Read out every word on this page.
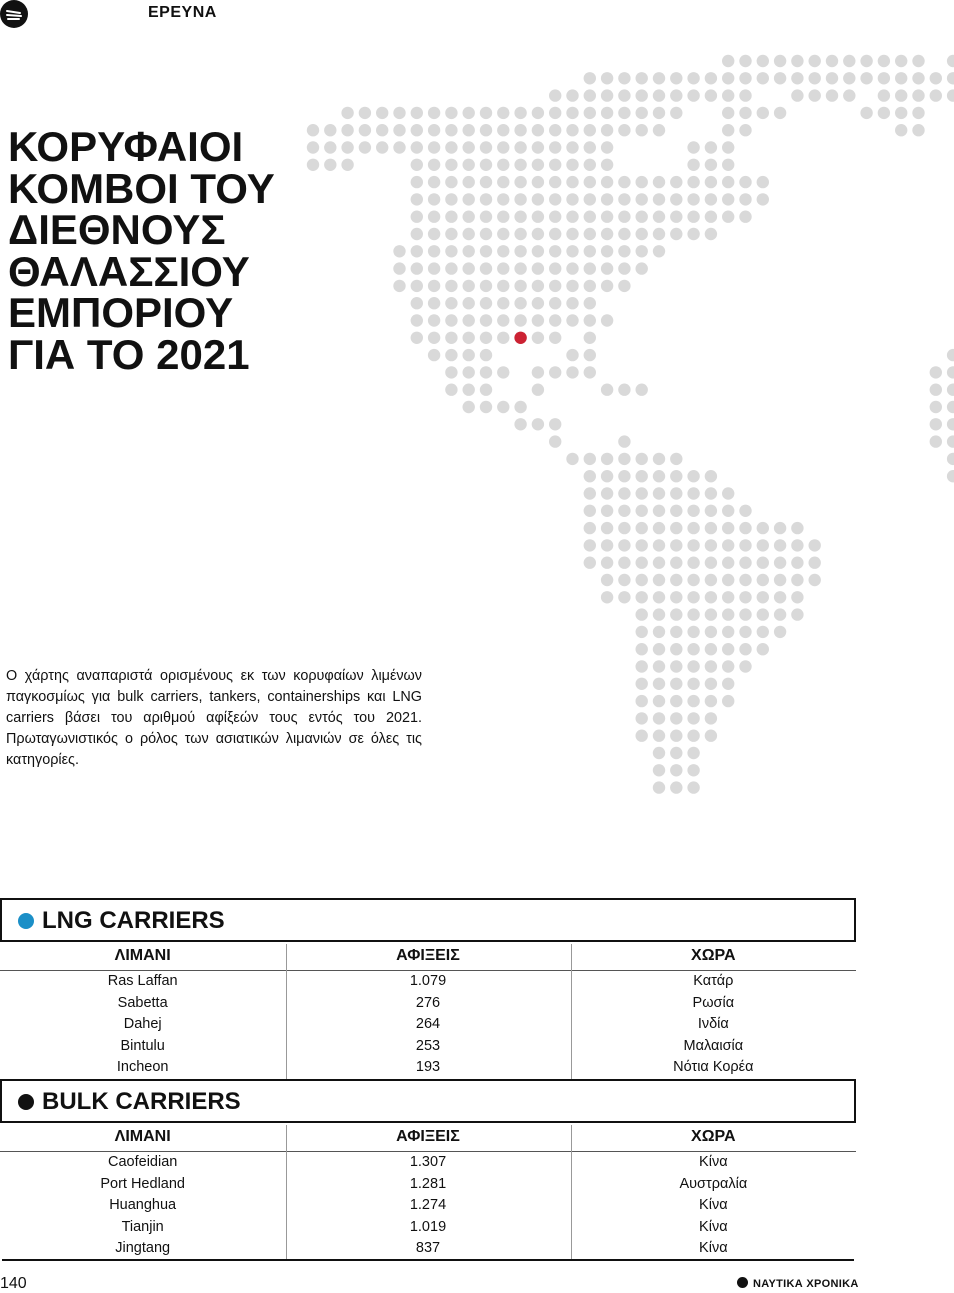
ΕΡΕΥΝΑ
ΚΟΡΥΦΑΙΟΙ
ΚΟΜΒΟΙ ΤΟΥ
ΔΙΕΘΝΟΥΣ
ΘΑΛΑΣΣΙΟΥ
ΕΜΠΟΡΙΟΥ
ΓΙΑ ΤΟ 2021
Ο χάρτης αναπαριστά ορισμένους εκ των κορυφαίων λιμένων παγκοσμίως για bulk carriers, tankers, containerships και LNG carriers βάσει του αριθμού αφίξεών τους εντός του 2021. Πρωταγωνιστικός ο ρόλος των ασιατικών λιμανιών σε όλες τις κατηγορίες.
LNG CARRIERS
ΛΙΜΑΝΙ	ΑΦΙΞΕΙΣ	ΧΩΡΑ
Ras Laffan	1.079	Κατάρ
Sabetta	276	Ρωσία
Dahej	264	Ινδία
Bintulu	253	Μαλαισία
Incheon	193	Νότια Κορέα
BULK CARRIERS
ΛΙΜΑΝΙ	ΑΦΙΞΕΙΣ	ΧΩΡΑ
Caofeidian	1.307	Κίνα
Port Hedland	1.281	Αυστραλία
Huanghua	1.274	Κίνα
Tianjin	1.019	Κίνα
Jingtang	837	Κίνα
140	ΝΑΥΤΙΚΑ ΧΡΟΝΙΚΑ
